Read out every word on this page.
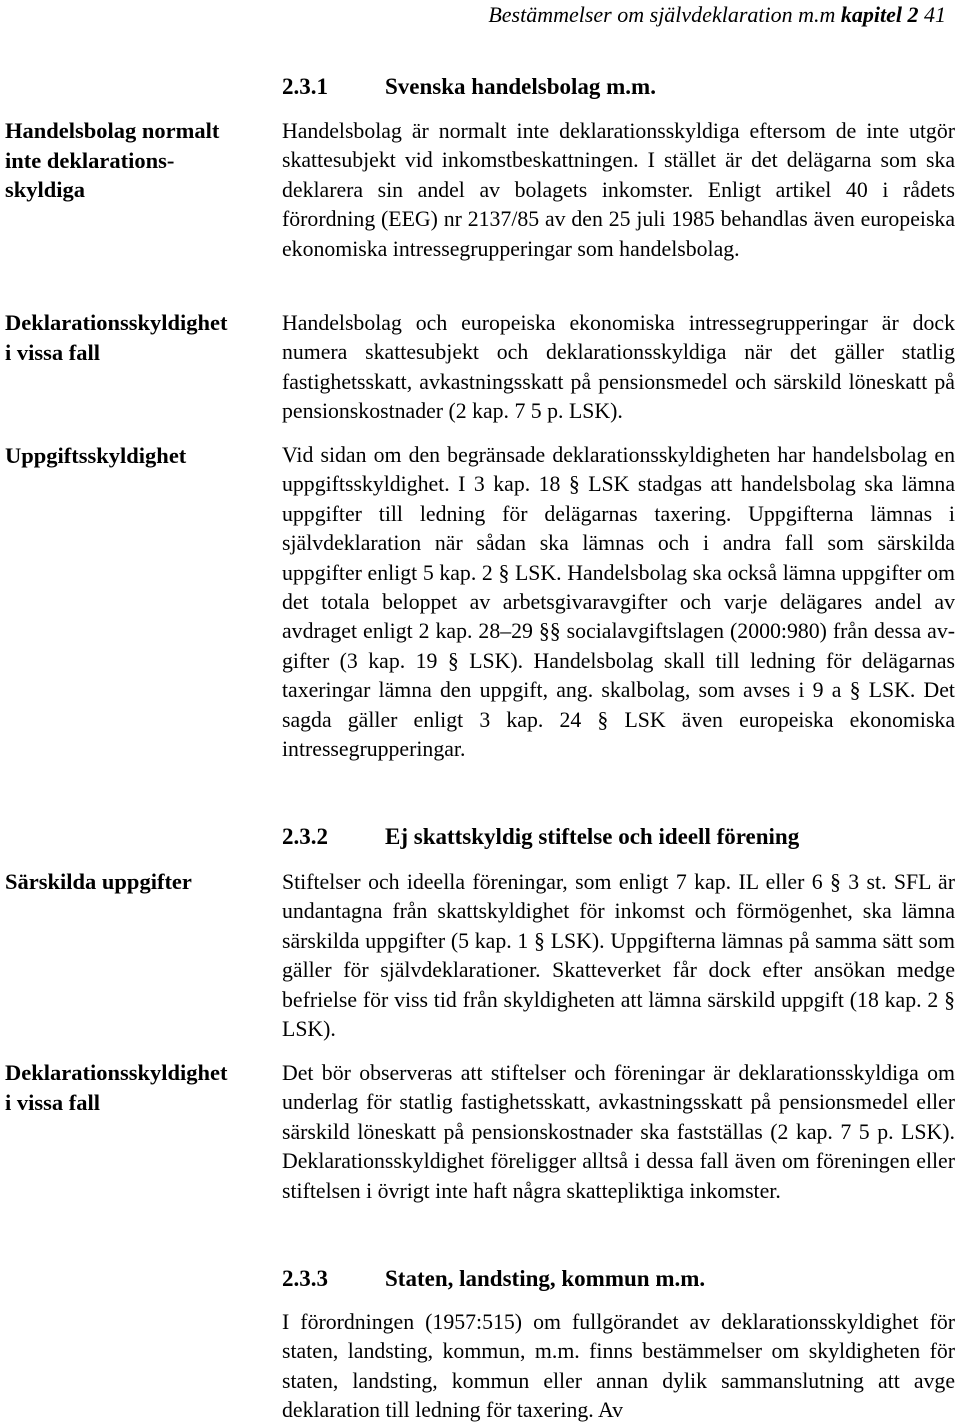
Bestämmelser om självdeklaration m.m kapitel 2 41

Handelsbolag normalt inte deklarationsskyldiga

Deklarationsskyldighet i vissa fall

Uppgiftsskyldighet

Särskilda uppgifter

Deklarationsskyldighet i vissa fall

2.3.1 Svenska handelsbolag m.m.

Handelsbolag är normalt inte deklarationsskyldiga eftersom de inte utgör skattesubjekt vid inkomstbeskattningen. I stället är det delägarna som ska deklarera sin andel av bolagets inkomster. Enligt artikel 40 i rådets förordning (EEG) nr 2137/85 av den 25 juli 1985 behandlas även europeiska ekonomiska intressegrupperingar som handelsbolag.

Handelsbolag och europeiska ekonomiska intressegrupperingar är dock numera skattesubjekt och deklarationsskyldiga när det gäller statlig fastighetsskatt, avkastningsskatt på pensionsmedel och särskild löneskatt på pensionskostnader (2 kap. 7 5 p. LSK).

Vid sidan om den begränsade deklarationsskyldigheten har handelsbolag en uppgiftsskyldighet. I 3 kap. 18 § LSK stadgas att handelsbolag ska lämna uppgifter till ledning för delägarnas taxering. Uppgifterna lämnas i självdeklaration när sådan ska lämnas och i andra fall som särskilda uppgifter enligt 5 kap. 2 § LSK. Handelsbolag ska också lämna uppgifter om det totala beloppet av arbetsgivaravgifter och varje delägares andel av avdraget enligt 2 kap. 28–29 §§ socialavgiftslagen (2000:980) från dessa avgifter (3 kap. 19 § LSK). Handelsbolag skall till ledning för delägarnas taxeringar lämna den uppgift, ang. skalbolag, som avses i 9 a § LSK. Det sagda gäller enligt 3 kap. 24 § LSK även europeiska ekonomiska intressegrupperingar.

2.3.2 Ej skattskyldig stiftelse och ideell förening

Stiftelser och ideella föreningar, som enligt 7 kap. IL eller 6 § 3 st. SFL är undantagna från skattskyldighet för inkomst och förmögenhet, ska lämna särskilda uppgifter (5 kap. 1 § LSK). Uppgifterna lämnas på samma sätt som gäller för självdeklarationer. Skatteverket får dock efter ansökan medge befrielse för viss tid från skyldigheten att lämna särskild uppgift (18 kap. 2 § LSK).

Det bör observeras att stiftelser och föreningar är deklarationsskyldiga om underlag för statlig fastighetsskatt, avkastningsskatt på pensionsmedel eller särskild löneskatt på pensionskostnader ska fastställas (2 kap. 7 5 p. LSK). Deklarationsskyldighet föreligger alltså i dessa fall även om föreningen eller stiftelsen i övrigt inte haft några skattepliktiga inkomster.

2.3.3 Staten, landsting, kommun m.m.

I förordningen (1957:515) om fullgörandet av deklarationsskyldighet för staten, landsting, kommun, m.m. finns bestämmelser om skyldigheten för staten, landsting, kommun eller annan dylik sammanslutning att avge deklaration till ledning för taxering. Av
